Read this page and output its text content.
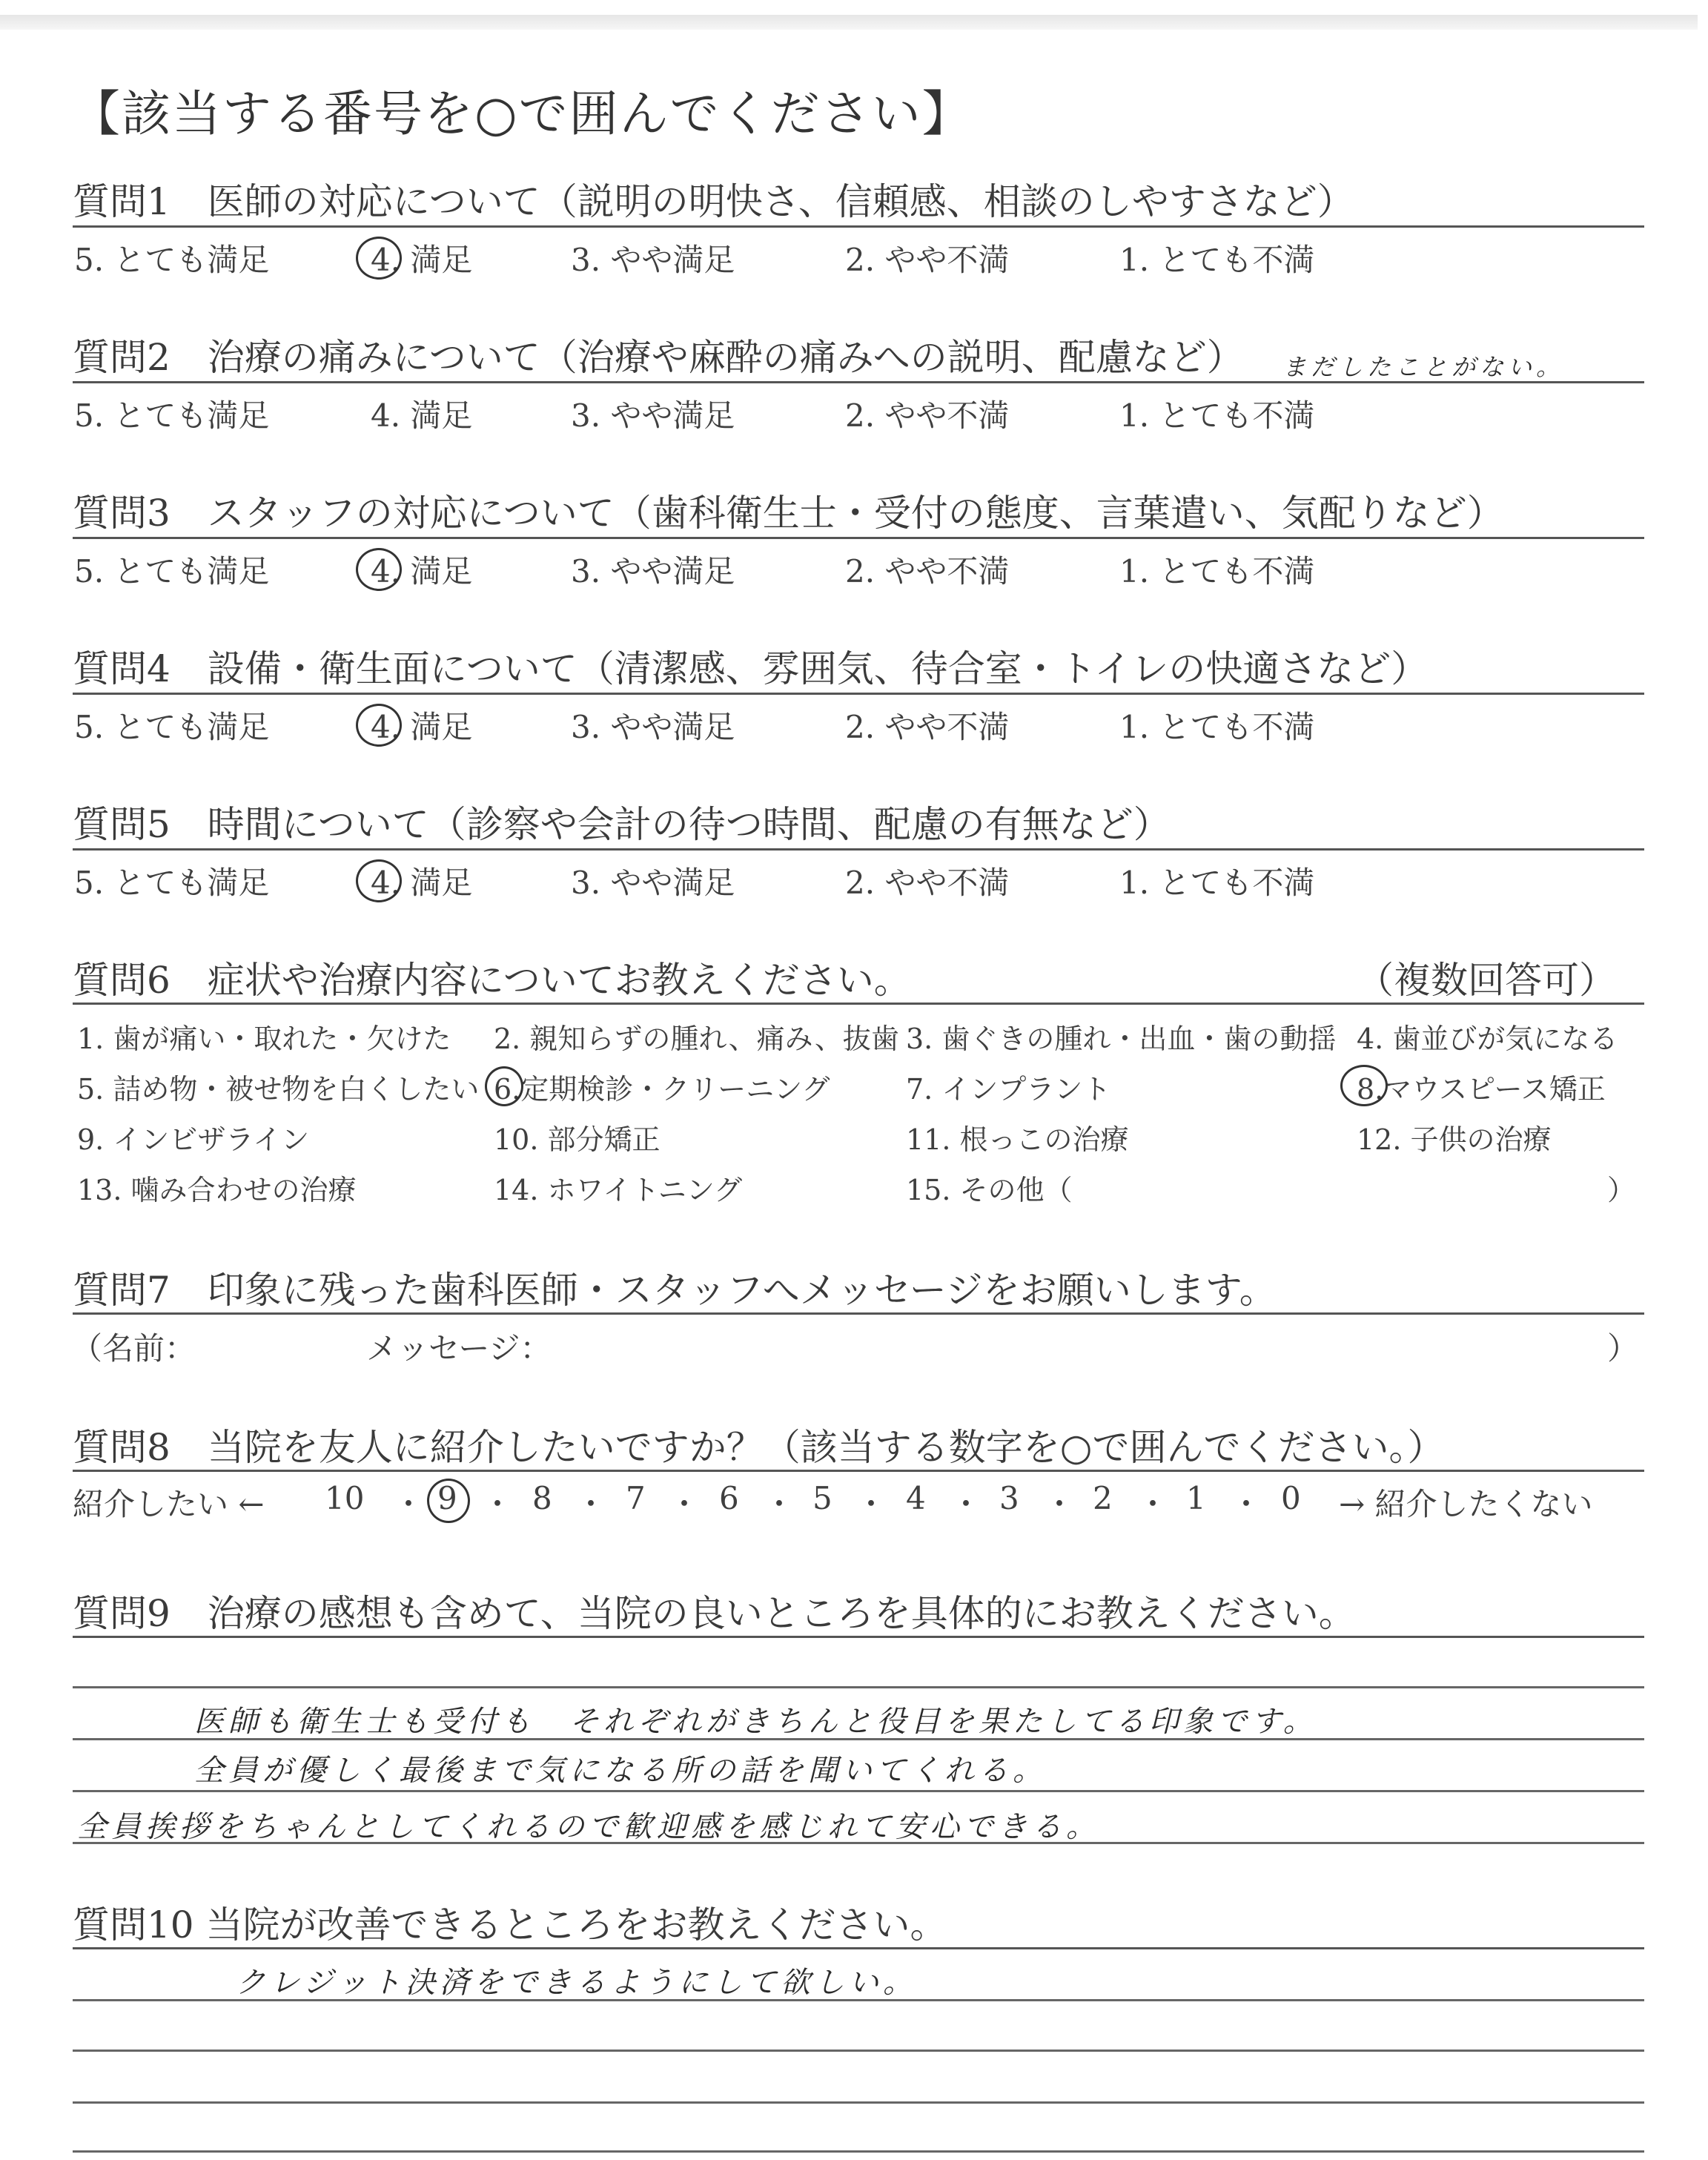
【該当する番号を○で囲んでください】
質問1　医師の対応について（説明の明快さ、信頼感、相談のしやすさなど）
5. とても満足	4. 満足	3. やや満足	2. やや不満	1. とても不満
質問2　治療の痛みについて（治療や麻酔の痛みへの説明、配慮など） まだしたことがない。
5. とても満足	4. 満足	3. やや満足	2. やや不満	1. とても不満
質問3　スタッフの対応について（歯科衛生士・受付の態度、言葉遣い、気配りなど）
5. とても満足	4. 満足	3. やや満足	2. やや不満	1. とても不満
質問4　設備・衛生面について（清潔感、雰囲気、待合室・トイレの快適さなど）
5. とても満足	4. 満足	3. やや満足	2. やや不満	1. とても不満
質問5　時間について（診察や会計の待つ時間、配慮の有無など）
5. とても満足	4. 満足	3. やや満足	2. やや不満	1. とても不満
質問6　症状や治療内容についてお教えください。	（複数回答可）
1. 歯が痛い・取れた・欠けた 2. 親知らずの腫れ、痛み、抜歯 3. 歯ぐきの腫れ・出血・歯の動揺 4. 歯並びが気になる
5. 詰め物・被せ物を白くしたい 6.定期検診・クリーニング	7. インプラント	8.マウスピース矯正
9. インビザライン	10. 部分矯正	11. 根っこの治療	12. 子供の治療
13. 噛み合わせの治療	14. ホワイトニング	15. その他（	）
質問7　印象に残った歯科医師・スタッフへメッセージをお願いします。
（名前：	メッセージ：	）
質問8　当院を友人に紹介したいですか？（該当する数字を○で囲んでください。）
紹介したい ← 10 ・ 9 ・ 8 ・ 7 ・ 6 ・ 5 ・ 4 ・ 3 ・ 2 ・ 1 ・ 0 → 紹介したくない
質問9　治療の感想も含めて、当院の良いところを具体的にお教えください。
医師も衛生士も受付も　それぞれがきちんと役目を果たしてる印象です。
全員が優しく最後まで気になる所の話を聞いてくれる。
全員挨拶をちゃんとしてくれるので歓迎感を感じれて安心できる。
質問10 当院が改善できるところをお教えください。
クレジット決済をできるようにして欲しい。
